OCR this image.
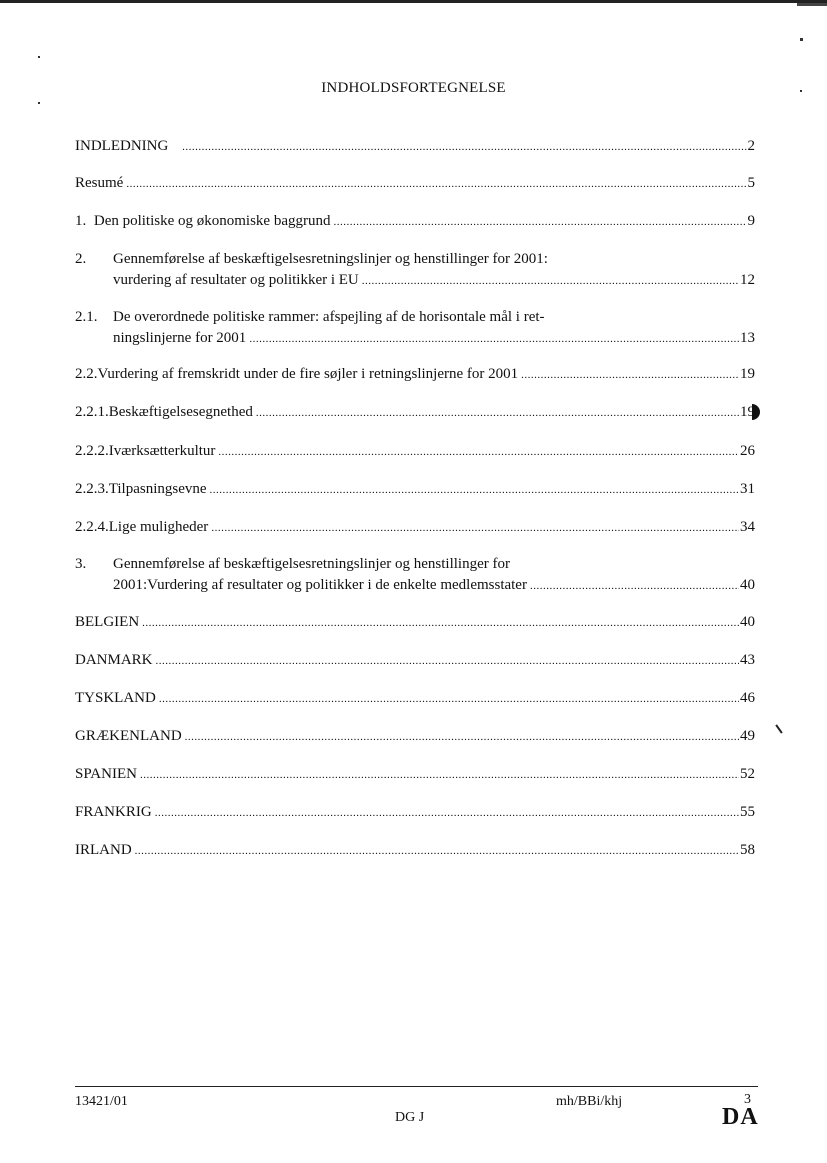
INDHOLDSFORTEGNELSE
INDLEDNING .....	2
Resumé .....	5
1. Den politiske og økonomiske baggrund .....	9
2.	Gennemførelse af beskæftigelsesretningslinjer og henstillinger for 2001:
vurdering af resultater og politikker i EU .....	12
2.1.	De overordnede politiske rammer: afspejling af de horisontale mål i ret-
ningslinjerne for 2001 .....	13
2.2. Vurdering af fremskridt under de fire søjler i retningslinjerne for 2001 .....	19
2.2.1. Beskæftigelsesegnethed .....	19
2.2.2. Iværksætterkultur .....	26
2.2.3. Tilpasningsevne .....	31
2.2.4. Lige muligheder .....	34
3.	Gennemførelse af beskæftigelsesretningslinjer og henstillinger for
2001:Vurdering af resultater og politikker i de enkelte medlemsstater .....	40
BELGIEN .....	40
DANMARK .....	43
TYSKLAND .....	46
GRÆKENLAND .....	49
SPANIEN .....	52
FRANKRIG .....	55
IRLAND .....	58
13421/01
DG J
mh/BBi/khj	3
DA
